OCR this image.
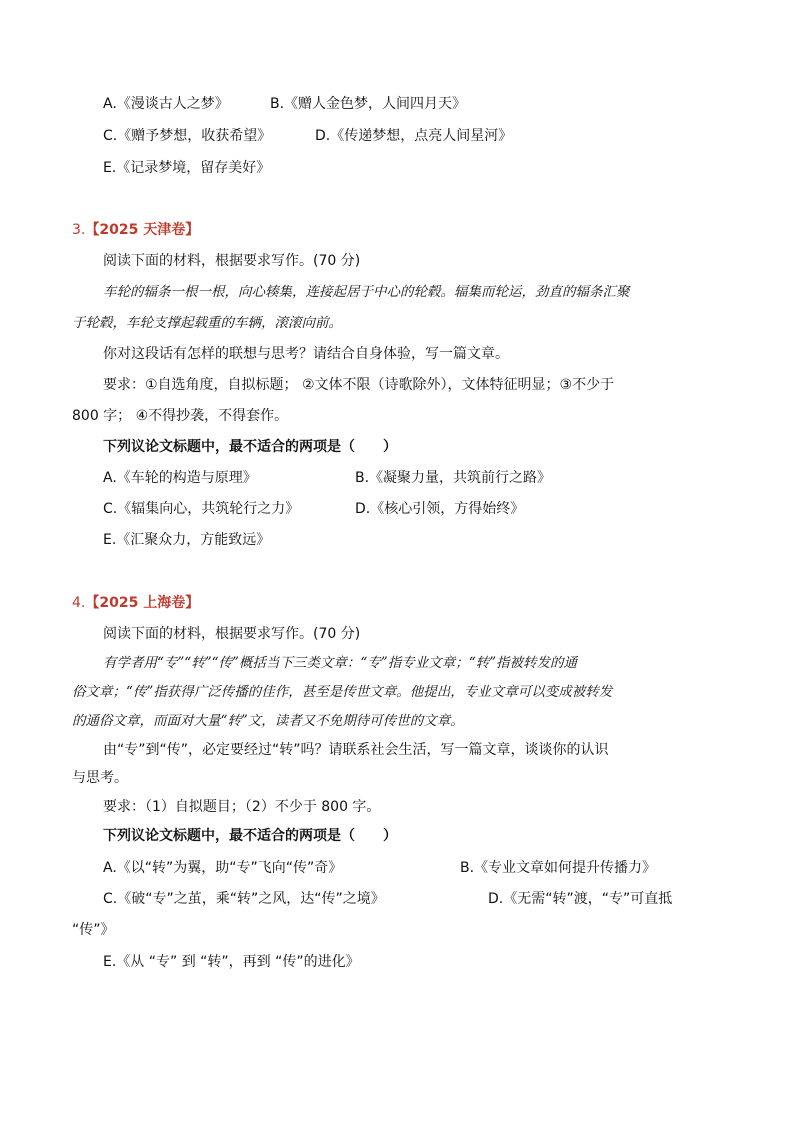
A.《漫谈古人之梦》	B.《赠人金色梦，人间四月天》
C.《赠予梦想，收获希望》	D.《传递梦想，点亮人间星河》
E.《记录梦境，留存美好》
3.【2025 天津卷】
阅读下面的材料，根据要求写作。(70 分)
车轮的辐条一根一根，向心辏集，连接起居于中心的轮毂。辐集而轮运，劲直的辐条汇聚
于轮毂，车轮支撑起载重的车辆，滚滚向前。
你对这段话有怎样的联想与思考？请结合自身体验，写一篇文章。
要求：①自选角度，自拟标题； ②文体不限（诗歌除外），文体特征明显；③不少于
800 字； ④不得抄袭，不得套作。
下列议论文标题中，最不适合的两项是（　　）
A.《车轮的构造与原理》	B.《凝聚力量，共筑前行之路》
C.《辐集向心，共筑轮行之力》	D.《核心引领，方得始终》
E.《汇聚众力，方能致远》
4.【2025 上海卷】
阅读下面的材料，根据要求写作。(70 分)
有学者用“专”“转”“传”概括当下三类文章：“专”指专业文章；“转”指被转发的通
俗文章；“传”指获得广泛传播的佳作，甚至是传世文章。他提出，专业文章可以变成被转发
的通俗文章，而面对大量“转”文，读者又不免期待可传世的文章。
由“专”到“传”，必定要经过“转”吗？请联系社会生活，写一篇文章，谈谈你的认识
与思考。
要求：（1）自拟题目；（2）不少于 800 字。
下列议论文标题中，最不适合的两项是（　　）
A.《以“转”为翼，助“专”飞向“传”奇》	B.《专业文章如何提升传播力》
C.《破“专”之茧，乘“转”之风，达“传”之境》	D.《无需“转”渡，“专”可直抵
“传”》
E.《从 “专” 到 “转”，再到 “传”的进化》
